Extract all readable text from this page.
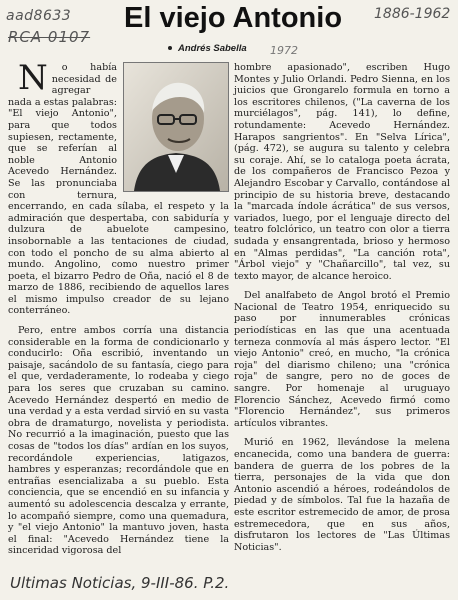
aad8633
RCA 0107
1886-1962
1972
El viejo Antonio
Andrés Sabella

N o había necesidad de agregar nada a estas palabras: "El viejo Antonio", para que todos supiesen, rectamente, que se referían al noble Antonio Acevedo Hernández. Se las pronunciaba con ternura, encerrando, en cada sílaba, el respeto y la admiración que despertaba, con sabiduría y dulzura de abuelote campesino, insobornable a las tentaciones de ciudad, con todo el poncho de su alma abierto al mundo. Angolino, como nuestro primer poeta, el bizarro Pedro de Oña, nació el 8 de marzo de 1886, recibiendo de aquellos lares el mismo impulso creador de su lejano conterráneo.

Pero, entre ambos corría una distancia considerable en la forma de condicionarlo y conducirlo: Oña escribió, inventando un paisaje, sacándolo de su fantasía, ciego para el que, verdaderamente, lo rodeaba y ciego para los seres que cruzaban su camino. Acevedo Hernández despertó en medio de una verdad y a esta verdad sirvió en su vasta obra de dramaturgo, novelista y periodista. No recurrió a la imaginación, puesto que las cosas de "todos los días" ardían en los suyos, recordándole experiencias, latigazos, hambres y esperanzas; recordándole que en entrañas esencializaba a su pueblo. Esta conciencia, que se encendió en su infancia y aumentó su adolescencia descalza y errante, lo acompañó siempre, como una quemadura, y "el viejo Antonio" la mantuvo joven, hasta el final: "Acevedo Hernández tiene la sinceridad vigorosa del

hombre apasionado", escriben Hugo Montes y Julio Orlandi. Pedro Sienna, en los juicios que Grongarelo formula en torno a los escritores chilenos, ("La caverna de los murciélagos", pág. 141), lo define, rotundamente: Acevedo Hernández. Harapos sangrientos". En "Selva Lírica", (pág. 472), se augura su talento y celebra su coraje. Ahí, se lo cataloga poeta ácrata, de los compañeros de Francisco Pezoa y Alejandro Escobar y Carvallo, contándose al principio de su historia breve, destacando la "marcada índole ácrática" de sus versos, variados, luego, por el lenguaje directo del teatro folclórico, un teatro con olor a tierra sudada y ensangrentada, brioso y hermoso en "Almas perdidas", "La canción rota", "Árbol viejo" y "Chañarcillo", tal vez, su texto mayor, de alcance heroico.

Del analfabeto de Angol brotó el Premio Nacional de Teatro 1954, enriquecido su paso por innumerables crónicas periodísticas en las que una acentuada terneza conmovía al más áspero lector. "El viejo Antonio" creó, en mucho, "la crónica roja" del diarismo chileno; una "crónica roja" de sangre, pero no de goces de sangre. Por homenaje al uruguayo Florencio Sánchez, Acevedo firmó como "Florencio Hernández", sus primeros artículos vibrantes.

Murió en 1962, llevándose la melena encanecida, como una bandera de guerra: bandera de guerra de los pobres de la tierra, personajes de la vida que don Antonio ascendió a héroes, rodeándolos de piedad y de símbolos. Tal fue la hazaña de este escritor estremecido de amor, de prosa estremecedora, que en sus años, disfrutaron los lectores de "Las Últimas Noticias".

Ultimas Noticias, 9-III-86. P.2.
